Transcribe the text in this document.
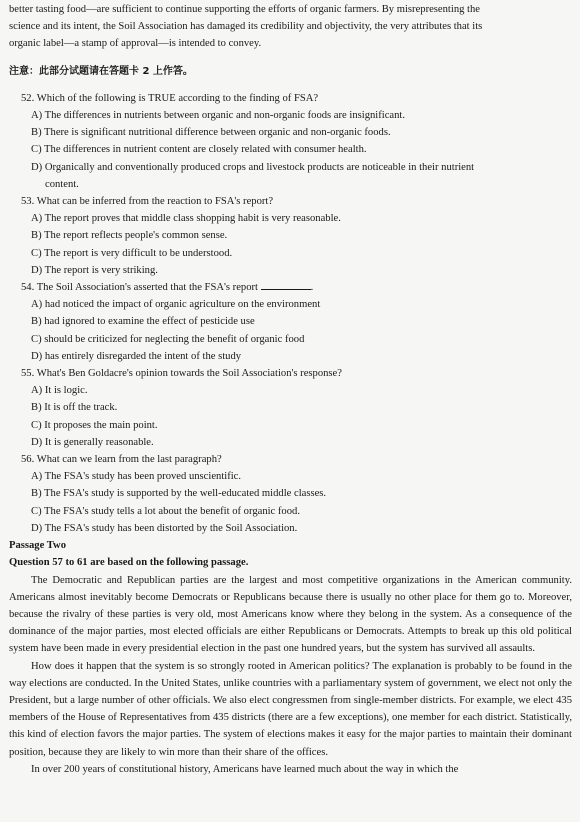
better tasting food—are sufficient to continue supporting the efforts of organic farmers. By misrepresenting the

science and its intent, the Soil Association has damaged its credibility and objectivity, the very attributes that its

organic label—a stamp of approval—is intended to convey.

注意：此部分试题请在答题卡 2 上作答。

52. Which of the following is TRUE according to the finding of FSA?

A) The differences in nutrients between organic and non-organic foods are insignificant.

B) There is significant nutritional difference between organic and non-organic foods.

C) The differences in nutrient content are closely related with consumer health.

D) Organically and conventionally produced crops and livestock products are noticeable in their nutrient

content.

53. What can be inferred from the reaction to FSA's report?

A) The report proves that middle class shopping habit is very reasonable.

B) The report reflects people's common sense.

C) The report is very difficult to be understood.

D) The report is very striking.

54. The Soil Association's asserted that the FSA's report	.

A) had noticed the impact of organic agriculture on the environment

B) had ignored to examine the effect of pesticide use

C) should be criticized for neglecting the benefit of organic food

D) has entirely disregarded the intent of the study

55. What's Ben Goldacre's opinion towards the Soil Association's response?

A) It is logic.

B) It is off the track.

C) It proposes the main point.

D) It is generally reasonable.

56. What can we learn from the last paragraph?

A) The FSA's study has been proved unscientific.

B) The FSA's study is supported by the well-educated middle classes.

C) The FSA's study tells a lot about the benefit of organic food.

D) The FSA's study has been distorted by the Soil Association.

Passage Two

Question 57 to 61 are based on the following passage.

The Democratic and Republican parties are the largest and most competitive organizations in the American community. Americans almost inevitably become Democrats or Republicans because there is usually no other place for them go to. Moreover, because the rivalry of these parties is very old, most Americans know where they belong in the system. As a consequence of the dominance of the major parties, most elected officials are either Republicans or Democrats. Attempts to break up this old political system have been made in every presidential election in the past one hundred years, but the system has survived all assaults.

How does it happen that the system is so strongly rooted in American politics? The explanation is probably to be found in the way elections are conducted. In the United States, unlike countries with a parliamentary system of government, we elect not only the President, but a large number of other officials. We also elect congressmen from single-member districts. For example, we elect 435 members of the House of Representatives from 435 districts (there are a few exceptions), one member for each district. Statistically, this kind of election favors the major parties. The system of elections makes it easy for the major parties to maintain their dominant position, because they are likely to win more than their share of the offices.

In over 200 years of constitutional history, Americans have learned much about the way in which the
